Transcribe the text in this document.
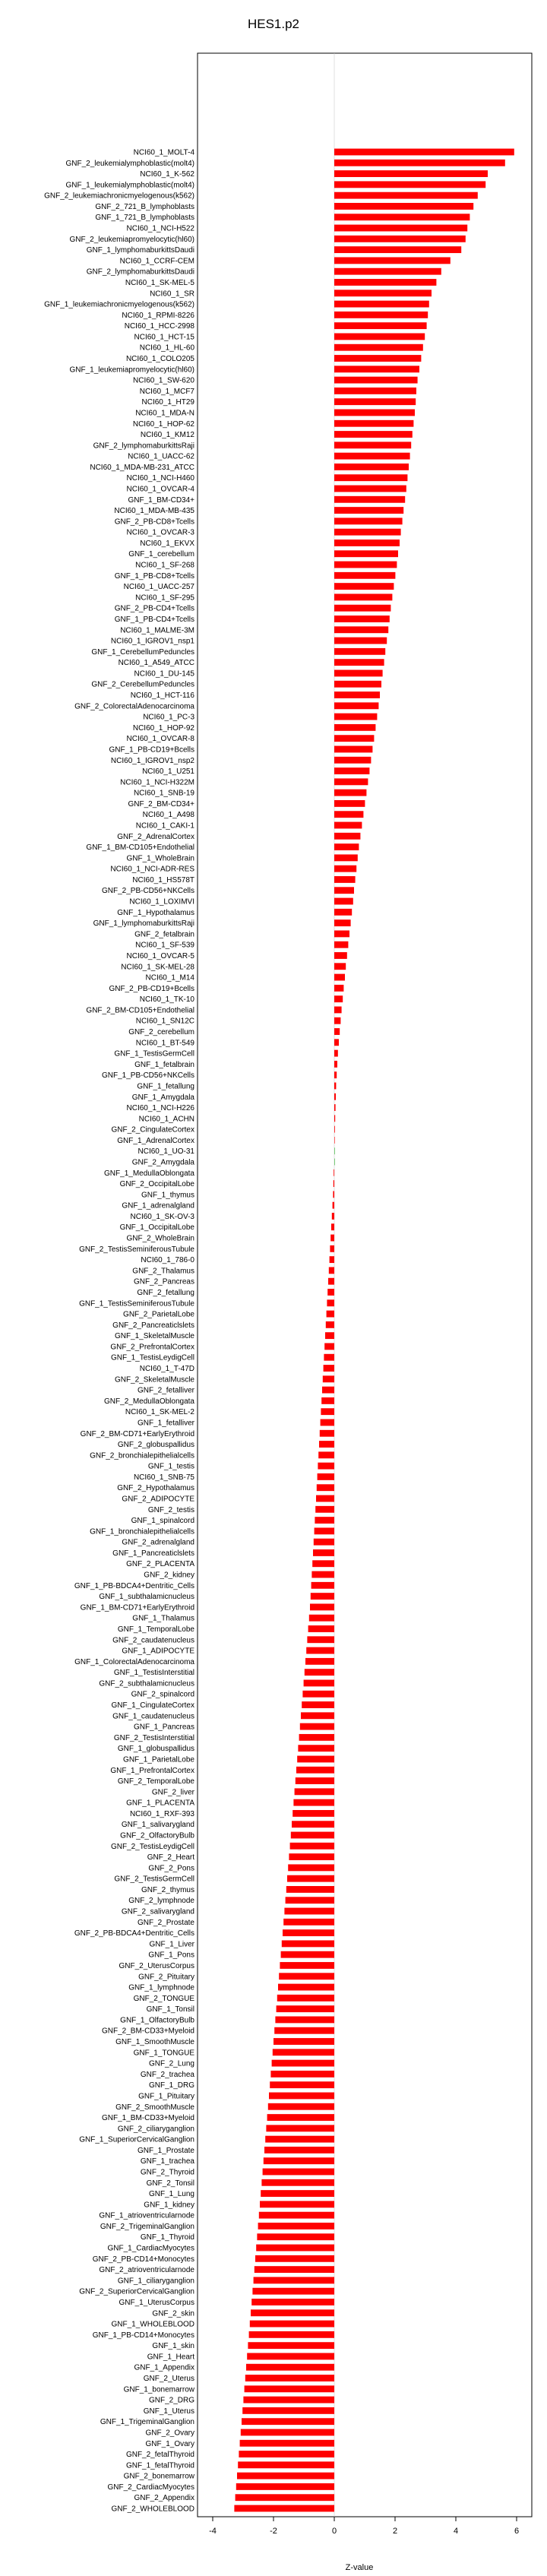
HES1.p2
NCI60_1_MOLT-4
GNF_2_leukemialymphoblastic(molt4)
NCI60_1_K-562
GNF_1_leukemialymphoblastic(molt4)
GNF_2_leukemiachronicmyelogenous(k562)
GNF_2_721_B_lymphoblasts
GNF_1_721_B_lymphoblasts
NCI60_1_NCI-H522
GNF_2_leukemiapromyelocytic(hl60)
GNF_1_lymphomaburkittsDaudi
NCI60_1_CCRF-CEM
GNF_2_lymphomaburkittsDaudi
NCI60_1_SK-MEL-5
NCI60_1_SR
GNF_1_leukemiachronicmyelogenous(k562)
NCI60_1_RPMI-8226
NCI60_1_HCC-2998
NCI60_1_HCT-15
NCI60_1_HL-60
NCI60_1_COLO205
GNF_1_leukemiapromyelocytic(hl60)
NCI60_1_SW-620
NCI60_1_MCF7
NCI60_1_HT29
NCI60_1_MDA-N
NCI60_1_HOP-62
NCI60_1_KM12
GNF_2_lymphomaburkittsRaji
NCI60_1_UACC-62
NCI60_1_MDA-MB-231_ATCC
NCI60_1_NCI-H460
NCI60_1_OVCAR-4
GNF_1_BM-CD34+
NCI60_1_MDA-MB-435
GNF_2_PB-CD8+Tcells
NCI60_1_OVCAR-3
NCI60_1_EKVX
GNF_1_cerebellum
NCI60_1_SF-268
GNF_1_PB-CD8+Tcells
NCI60_1_UACC-257
NCI60_1_SF-295
GNF_2_PB-CD4+Tcells
GNF_1_PB-CD4+Tcells
NCI60_1_MALME-3M
NCI60_1_IGROV1_nsp1
GNF_1_CerebellumPeduncles
NCI60_1_A549_ATCC
NCI60_1_DU-145
GNF_2_CerebellumPeduncles
NCI60_1_HCT-116
GNF_2_ColorectalAdenocarcinoma
NCI60_1_PC-3
NCI60_1_HOP-92
NCI60_1_OVCAR-8
GNF_1_PB-CD19+Bcells
NCI60_1_IGROV1_nsp2
NCI60_1_U251
NCI60_1_NCI-H322M
NCI60_1_SNB-19
GNF_2_BM-CD34+
NCI60_1_A498
NCI60_1_CAKI-1
GNF_2_AdrenalCortex
GNF_1_BM-CD105+Endothelial
GNF_1_WholeBrain
NCI60_1_NCI-ADR-RES
NCI60_1_HS578T
GNF_2_PB-CD56+NKCells
NCI60_1_LOXIMVI
GNF_1_Hypothalamus
GNF_1_lymphomaburkittsRaji
GNF_2_fetalbrain
NCI60_1_SF-539
NCI60_1_OVCAR-5
NCI60_1_SK-MEL-28
NCI60_1_M14
GNF_2_PB-CD19+Bcells
NCI60_1_TK-10
GNF_2_BM-CD105+Endothelial
NCI60_1_SN12C
GNF_2_cerebellum
NCI60_1_BT-549
GNF_1_TestisGermCell
GNF_1_fetalbrain
GNF_1_PB-CD56+NKCells
GNF_1_fetallung
GNF_1_Amygdala
NCI60_1_NCI-H226
NCI60_1_ACHN
GNF_2_CingulateCortex
GNF_1_AdrenalCortex
NCI60_1_UO-31
GNF_2_Amygdala
GNF_1_MedullaOblongata
GNF_2_OccipitalLobe
GNF_1_thymus
GNF_1_adrenalgland
NCI60_1_SK-OV-3
GNF_1_OccipitalLobe
GNF_2_WholeBrain
GNF_2_TestisSeminiferousTubule
NCI60_1_786-0
GNF_2_Thalamus
GNF_2_Pancreas
GNF_2_fetallung
GNF_1_TestisSeminiferousTubule
GNF_2_ParietalLobe
GNF_2_Pancreaticlslets
GNF_1_SkeletalMuscle
GNF_2_PrefrontalCortex
GNF_1_TestisLeydigCell
NCI60_1_T-47D
GNF_2_SkeletalMuscle
GNF_2_fetalliver
GNF_2_MedullaOblongata
NCI60_1_SK-MEL-2
GNF_1_fetalliver
GNF_2_BM-CD71+EarlyErythroid
GNF_2_globuspallidus
GNF_2_bronchialepithelialcells
GNF_1_testis
NCI60_1_SNB-75
GNF_2_Hypothalamus
GNF_2_ADIPOCYTE
GNF_2_testis
GNF_1_spinalcord
GNF_1_bronchialepithelialcells
GNF_2_adrenalgland
GNF_1_Pancreaticlslets
GNF_2_PLACENTA
GNF_2_kidney
GNF_1_PB-BDCA4+Dentritic_Cells
GNF_1_subthalamicnucleus
GNF_1_BM-CD71+EarlyErythroid
GNF_1_Thalamus
GNF_1_TemporalLobe
GNF_2_caudatenucleus
GNF_1_ADIPOCYTE
GNF_1_ColorectalAdenocarcinoma
GNF_1_TestisInterstitial
GNF_2_subthalamicnucleus
GNF_2_spinalcord
GNF_1_CingulateCortex
GNF_1_caudatenucleus
GNF_1_Pancreas
GNF_2_TestisInterstitial
GNF_1_globuspallidus
GNF_1_ParietalLobe
GNF_1_PrefrontalCortex
GNF_2_TemporalLobe
GNF_2_liver
GNF_1_PLACENTA
NCI60_1_RXF-393
GNF_1_salivarygland
GNF_2_OlfactoryBulb
GNF_2_TestisLeydigCell
GNF_2_Heart
GNF_2_Pons
GNF_2_TestisGermCell
GNF_2_thymus
GNF_2_lymphnode
GNF_2_salivarygland
GNF_2_Prostate
GNF_2_PB-BDCA4+Dentritic_Cells
GNF_1_Liver
GNF_1_Pons
GNF_2_UterusCorpus
GNF_2_Pituitary
GNF_1_lymphnode
GNF_2_TONGUE
GNF_1_Tonsil
GNF_1_OlfactoryBulb
GNF_2_BM-CD33+Myeloid
GNF_1_SmoothMuscle
GNF_1_TONGUE
GNF_2_Lung
GNF_2_trachea
GNF_1_DRG
GNF_1_Pituitary
GNF_2_SmoothMuscle
GNF_1_BM-CD33+Myeloid
GNF_2_ciliaryganglion
GNF_1_SuperiorCervicalGanglion
GNF_1_Prostate
GNF_1_trachea
GNF_2_Thyroid
GNF_2_Tonsil
GNF_1_Lung
GNF_1_kidney
GNF_1_atrioventricularnode
GNF_2_TrigeminalGanglion
GNF_1_Thyroid
GNF_1_CardiacMyocytes
GNF_2_PB-CD14+Monocytes
GNF_2_atrioventricularnode
GNF_1_ciliaryganglion
GNF_2_SuperiorCervicalGanglion
GNF_1_UterusCorpus
GNF_2_skin
GNF_1_WHOLEBLOOD
GNF_1_PB-CD14+Monocytes
GNF_1_skin
GNF_1_Heart
GNF_1_Appendix
GNF_2_Uterus
GNF_1_bonemarrow
GNF_2_DRG
GNF_1_Uterus
GNF_1_TrigeminalGanglion
GNF_2_Ovary
GNF_1_Ovary
GNF_2_fetalThyroid
GNF_1_fetalThyroid
GNF_2_bonemarrow
GNF_2_CardiacMyocytes
GNF_2_Appendix
GNF_2_WHOLEBLOOD
-4	-2	0	2	4	6
Z-value
